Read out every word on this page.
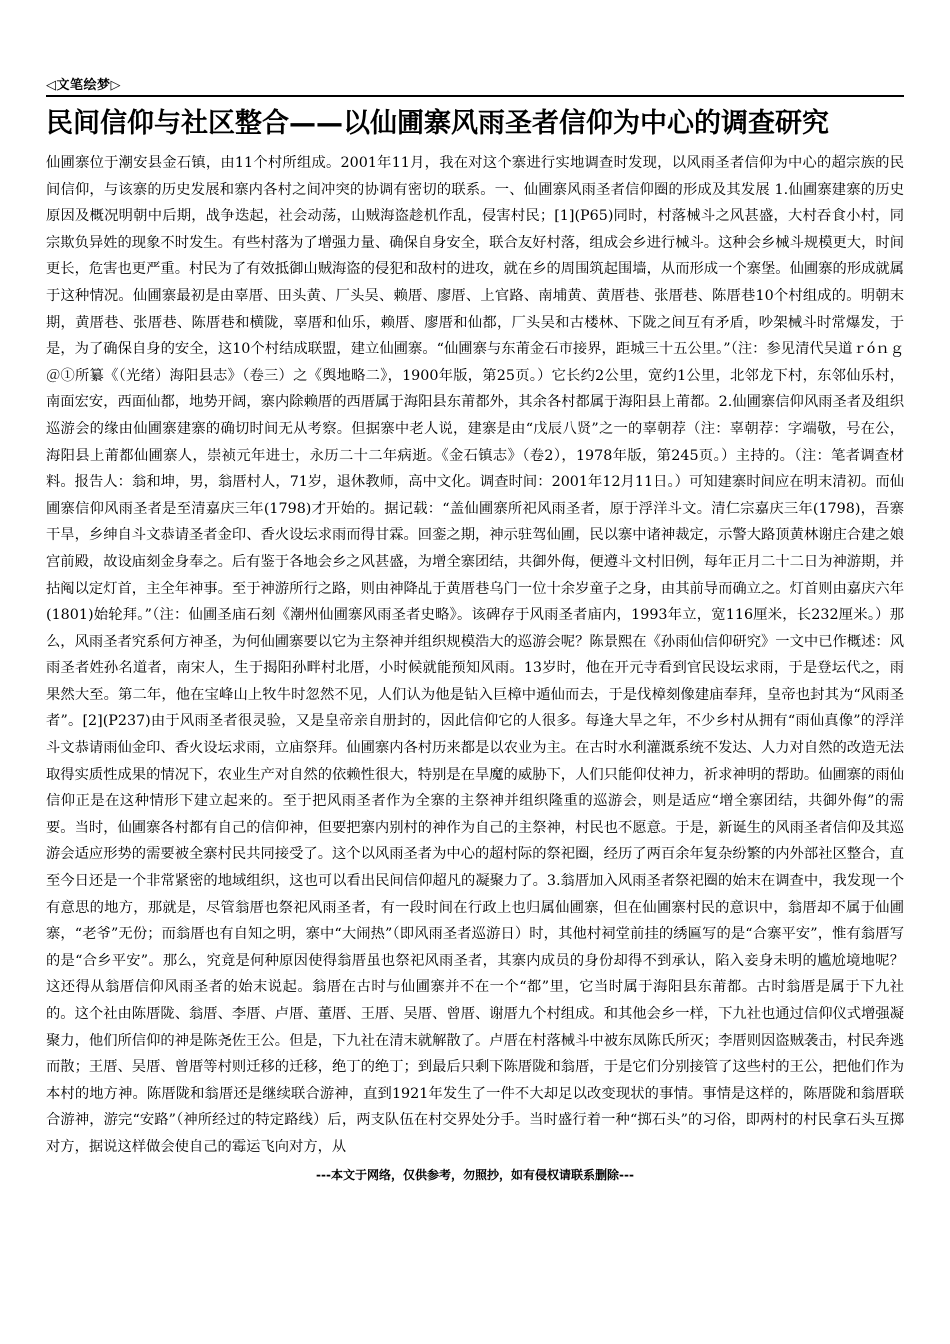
◁文笔绘梦▷
民间信仰与社区整合——以仙圃寨风雨圣者信仰为中心的调查研究
仙圃寨位于潮安县金石镇，由11个村所组成。2001年11月，我在对这个寨进行实地调查时发现，以风雨圣者信仰为中心的超宗族的民间信仰，与该寨的历史发展和寨内各村之间冲突的协调有密切的联系。一、仙圃寨风雨圣者信仰圈的形成及其发展 1.仙圃寨建寨的历史原因及概况明朝中后期，战争迭起，社会动荡，山贼海盗趁机作乱，侵害村民；[1](P65)同时，村落械斗之风甚盛，大村吞食小村，同宗欺负异姓的现象不时发生。有些村落为了增强力量、确保自身安全，联合友好村落，组成会乡进行械斗。这种会乡械斗规模更大，时间更长，危害也更严重。村民为了有效抵御山贼海盗的侵犯和敌村的进攻，就在乡的周围筑起围墙，从而形成一个寨堡。仙圃寨的形成就属于这种情况。仙圃寨最初是由辜厝、田头黄、厂头吴、赖厝、廖厝、上官路、南埔黄、黄厝巷、张厝巷、陈厝巷10个村组成的。明朝末期，黄厝巷、张厝巷、陈厝巷和横陇，辜厝和仙乐，赖厝、廖厝和仙都，厂头吴和古楼林、下陇之间互有矛盾，吵架械斗时常爆发，于是，为了确保自身的安全，这10个村结成联盟，建立仙圃寨。“仙圃寨与东莆金石市接界，距城三十五公里。”（注：参见清代吴道ｒóｎｇ＠①所纂《（光绪）海阳县志》（卷三）之《舆地略二》，1900年版，第25页。）它长约2公里，宽约1公里，北邻龙下村，东邻仙乐村，南面宏安，西面仙都，地势开阔，寨内除赖厝的西厝属于海阳县东莆都外，其余各村都属于海阳县上莆都。2.仙圃寨信仰风雨圣者及组织巡游会的缘由仙圃寨建寨的确切时间无从考察。但据寨中老人说，建寨是由“戊辰八贤”之一的辜朝荐（注：辜朝荐：字端敬，号在公，海阳县上莆都仙圃寨人，崇祯元年进士，永历二十二年病逝。《金石镇志》（卷2），1978年版，第245页。）主持的。（注：笔者调查材料。报告人：翁和坤，男，翁厝村人，71岁，退休教师，高中文化。调查时间：2001年12月11日。）可知建寨时间应在明末清初。而仙圃寨信仰风雨圣者是至清嘉庆三年(1798)才开始的。据记载：“盖仙圃寨所祀风雨圣者，原于浮洋斗文。清仁宗嘉庆三年(1798)，吾寨干旱，乡绅自斗文恭请圣者金印、香火设坛求雨而得甘霖。回銮之期，神示驻驾仙圃，民以寨中诸神裁定，示警大路顶黄林谢庄合建之娘宫前殿，故设庙刻金身奉之。后有鉴于各地会乡之风甚盛，为增全寨团结，共御外侮，便遵斗文村旧例，每年正月二十二日为神游期，并拈阄以定灯首，主全年神事。至于神游所行之路，则由神降乩于黄厝巷乌门一位十余岁童子之身，由其前导而确立之。灯首则由嘉庆六年(1801)始轮拜。”（注：仙圃圣庙石刻《潮州仙圃寨风雨圣者史略》。该碑存于风雨圣者庙内，1993年立，宽116厘米，长232厘米。）那么，风雨圣者究系何方神圣，为何仙圃寨要以它为主祭神并组织规模浩大的巡游会呢？陈景熙在《孙雨仙信仰研究》一文中已作概述：风雨圣者姓孙名道者，南宋人，生于揭阳孙畔村北厝，小时候就能预知风雨。13岁时，他在开元寺看到官民设坛求雨，于是登坛代之，雨果然大至。第二年，他在宝峰山上牧牛时忽然不见，人们认为他是钻入巨樟中遁仙而去，于是伐樟刻像建庙奉拜，皇帝也封其为“风雨圣者”。[2](P237)由于风雨圣者很灵验，又是皇帝亲自册封的，因此信仰它的人很多。每逢大旱之年，不少乡村从拥有“雨仙真像”的浮洋斗文恭请雨仙金印、香火设坛求雨，立庙祭拜。仙圃寨内各村历来都是以农业为主。在古时水利灌溉系统不发达、人力对自然的改造无法取得实质性成果的情况下，农业生产对自然的依赖性很大，特别是在旱魔的威胁下，人们只能仰仗神力，祈求神明的帮助。仙圃寨的雨仙信仰正是在这种情形下建立起来的。至于把风雨圣者作为全寨的主祭神并组织隆重的巡游会，则是适应“增全寨团结，共御外侮”的需要。当时，仙圃寨各村都有自己的信仰神，但要把寨内别村的神作为自己的主祭神，村民也不愿意。于是，新诞生的风雨圣者信仰及其巡游会适应形势的需要被全寨村民共同接受了。这个以风雨圣者为中心的超村际的祭祀圈，经历了两百余年复杂纷繁的内外部社区整合，直至今日还是一个非常紧密的地域组织，这也可以看出民间信仰超凡的凝聚力了。3.翁厝加入风雨圣者祭祀圈的始末在调查中，我发现一个有意思的地方，那就是，尽管翁厝也祭祀风雨圣者，有一段时间在行政上也归属仙圃寨，但在仙圃寨村民的意识中，翁厝却不属于仙圃寨，“老爷”无份；而翁厝也有自知之明，寨中“大闹热”（即风雨圣者巡游日）时，其他村祠堂前挂的绣匾写的是“合寨平安”，惟有翁厝写的是“合乡平安”。那么，究竟是何种原因使得翁厝虽也祭祀风雨圣者，其寨内成员的身份却得不到承认，陷入妾身未明的尴尬境地呢？这还得从翁厝信仰风雨圣者的始末说起。翁厝在古时与仙圃寨并不在一个“都”里，它当时属于海阳县东莆都。古时翁厝是属于下九社的。这个社由陈厝陇、翁厝、李厝、卢厝、董厝、王厝、吴厝、曾厝、谢厝九个村组成。和其他会乡一样，下九社也通过信仰仪式增强凝聚力，他们所信仰的神是陈尧佐王公。但是，下九社在清末就解散了。卢厝在村落械斗中被东凤陈氏所灭；李厝则因盗贼袭击，村民奔逃而散；王厝、吴厝、曾厝等村则迁移的迁移，绝丁的绝丁；到最后只剩下陈厝陇和翁厝，于是它们分别接管了这些村的王公，把他们作为本村的地方神。陈厝陇和翁厝还是继续联合游神，直到1921年发生了一件不大却足以改变现状的事情。事情是这样的，陈厝陇和翁厝联合游神，游完“安路”（神所经过的特定路线）后，两支队伍在村交界处分手。当时盛行着一种“掷石头”的习俗，即两村的村民拿石头互掷对方，据说这样做会使自己的霉运飞向对方，从
---本文于网络，仅供参考，勿照抄，如有侵权请联系删除---
